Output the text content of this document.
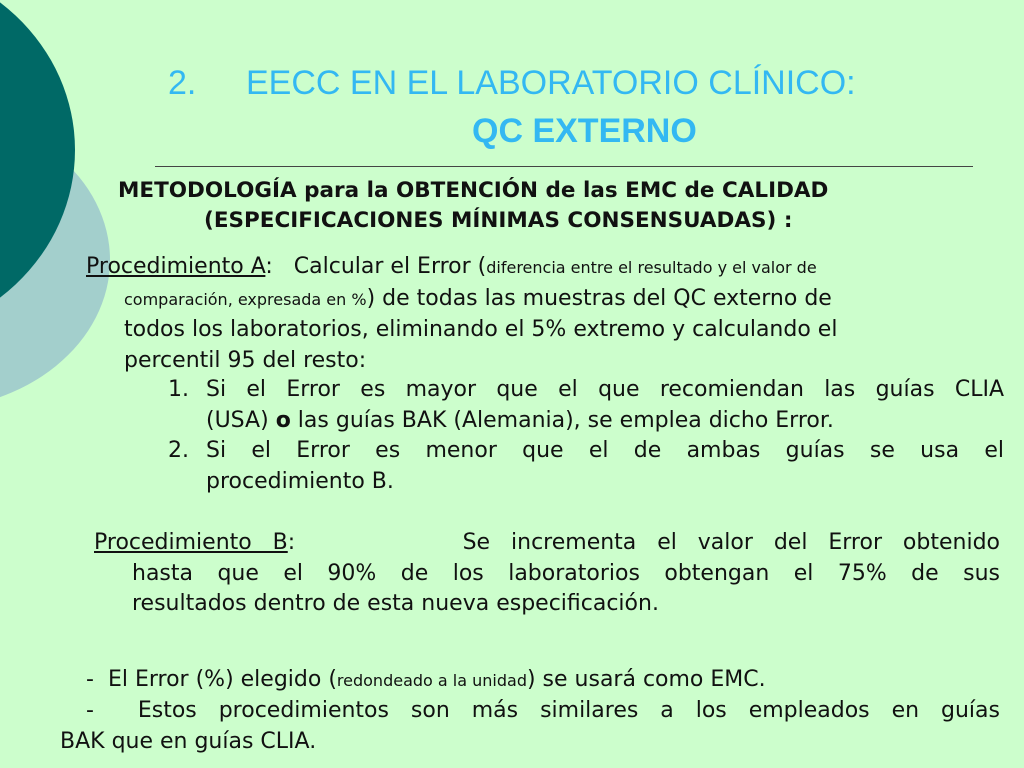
2. EECC EN EL LABORATORIO CLÍNICO:
QC EXTERNO
METODOLOGÍA para la OBTENCIÓN de las EMC de CALIDAD
(ESPECIFICACIONES MÍNIMAS CONSENSUADAS) :
Procedimiento A: Calcular el Error (diferencia entre el resultado y el valor de
comparación, expresada en %) de todas las muestras del QC externo de
todos los laboratorios, eliminando el 5% extremo y calculando el
percentil 95 del resto:
1. Si el Error es mayor que el que recomiendan las guías CLIA
(USA) o las guías BAK (Alemania), se emplea dicho Error.
2. Si el Error es menor que el de ambas guías se usa el
procedimiento B.
Procedimiento B:	Se incrementa el valor del Error obtenido
hasta que el 90% de los laboratorios obtengan el 75% de sus
resultados dentro de esta nueva especificación.
- El Error (%) elegido (redondeado a la unidad) se usará como EMC.
- Estos procedimientos son más similares a los empleados en guías
BAK que en guías CLIA.
